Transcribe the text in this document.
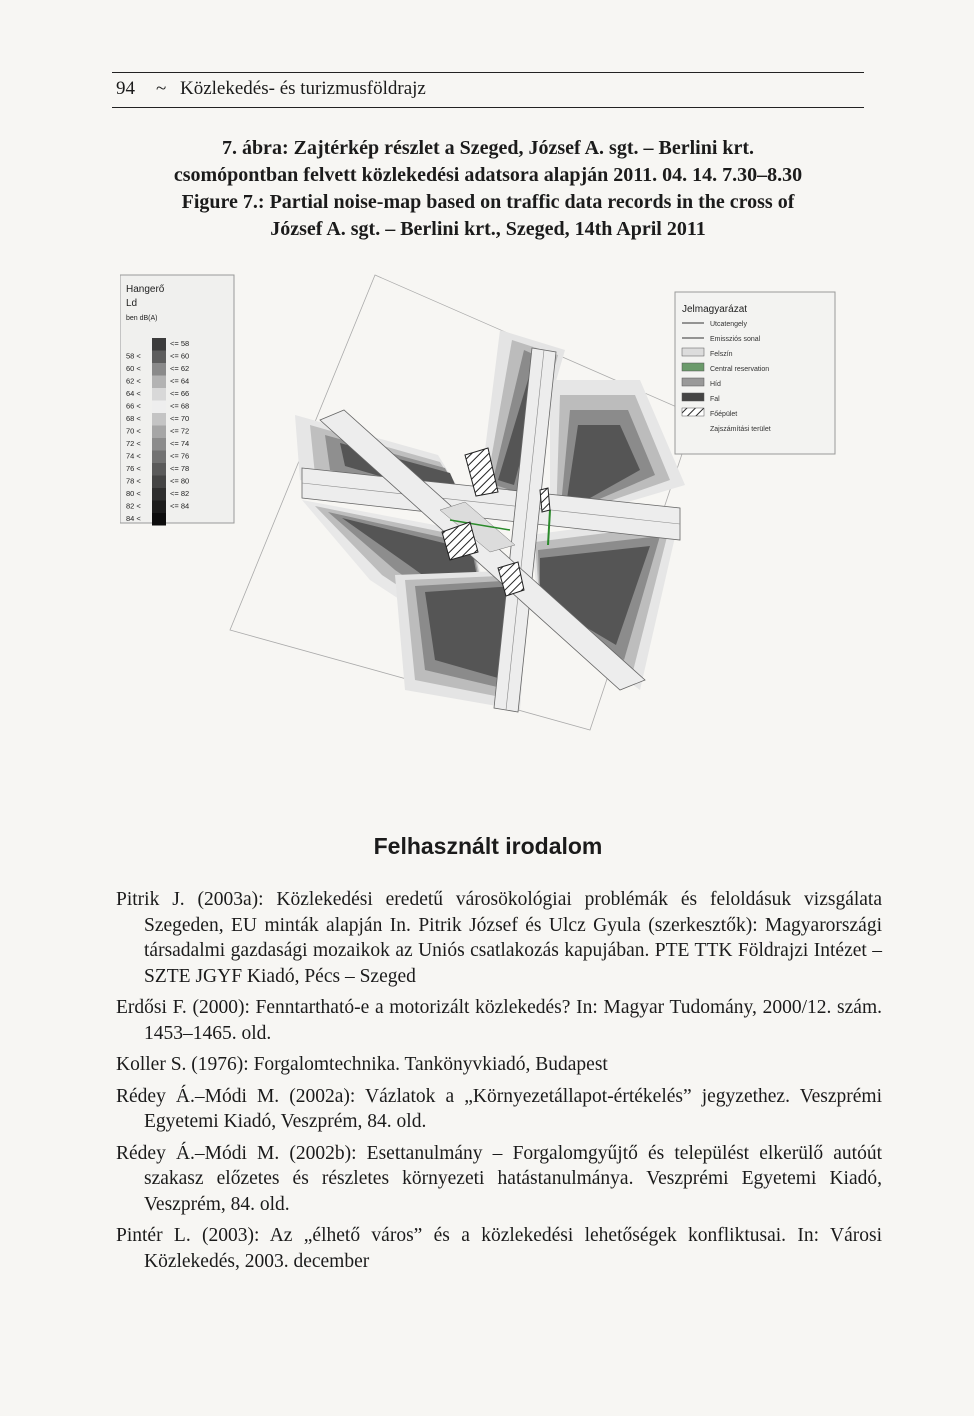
94 ~ Közlekedés- és turizmusföldrajz
7. ábra: Zajtérkép részlet a Szeged, József A. sgt. – Berlini krt.
csomópontban felvett közlekedési adatsora alapján 2011. 04. 14. 7.30–8.30
Figure 7.: Partial noise-map based on traffic data records in the cross of
József A. sgt. – Berlini krt., Szeged, 14th April 2011
Hangerő
Ld
ben dB(A)
<= 58
58 <	<= 60
60 <	<= 62
62 <	<= 64
64 <	<= 66
66 <	<= 68
68 <	<= 70
70 <	<= 72
72 <	<= 74
74 <	<= 76
76 <	<= 78
78 <	<= 80
80 <	<= 82
82 <	<= 84
84 <
Jelmagyarázat
Utcatengely
Emissziós sonal
Felszín
Central reservation
Híd
Fal
Főépület
Zajszámítási terület
Felhasznált irodalom
Pitrik J. (2003a): Közlekedési eredetű városökológiai problémák és feloldásuk vizsgálata Szegeden, EU minták alapján In. Pitrik József és Ulcz Gyula (szerkesztők): Magyarországi társadalmi gazdasági mozaikok az Uniós csatlakozás kapujában. PTE TTK Földrajzi Intézet – SZTE JGYF Kiadó, Pécs – Szeged
Erdősi F. (2000): Fenntartható-e a motorizált közlekedés? In: Magyar Tudomány, 2000/12. szám. 1453–1465. old.
Koller S. (1976): Forgalomtechnika. Tankönyvkiadó, Budapest
Rédey Á.–Módi M. (2002a): Vázlatok a „Környezetállapot-értékelés” jegyzethez. Veszprémi Egyetemi Kiadó, Veszprém, 84. old.
Rédey Á.–Módi M. (2002b): Esettanulmány – Forgalomgyűjtő és települést elkerülő autóút szakasz előzetes és részletes környezeti hatástanulmánya. Veszprémi Egyetemi Kiadó, Veszprém, 84. old.
Pintér L. (2003): Az „élhető város” és a közlekedési lehetőségek konfliktusai. In: Városi Közlekedés, 2003. december
